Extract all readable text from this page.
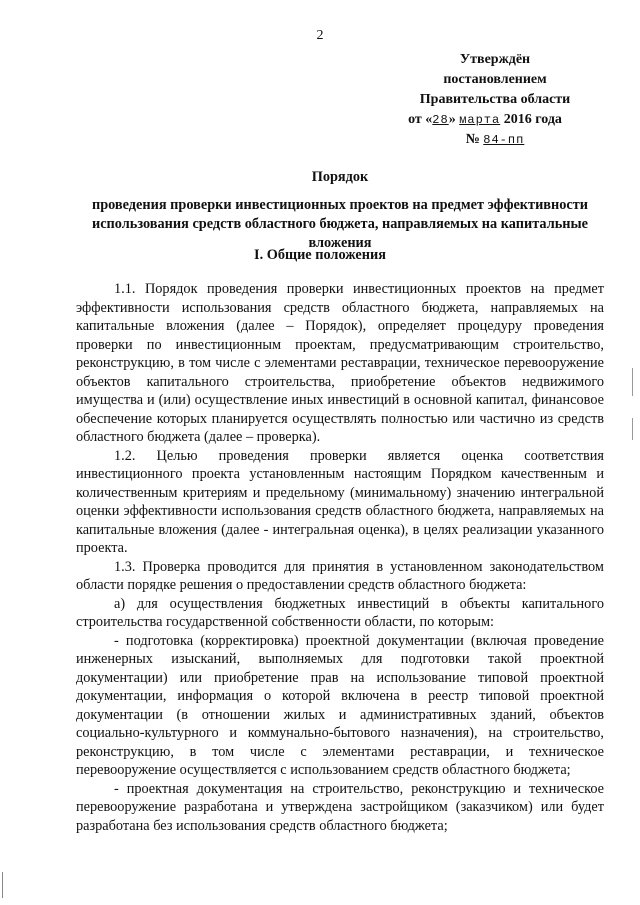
2
Утверждён
постановлением
Правительства области
от «28» марта 2016 года
№ 84-пп
Порядок
проведения проверки инвестиционных проектов на предмет эффективности использования средств областного бюджета, направляемых на капитальные вложения
I. Общие положения

1.1. Порядок проведения проверки инвестиционных проектов на предмет эффективности использования средств областного бюджета, направляемых на капитальные вложения (далее – Порядок), определяет процедуру проведения проверки по инвестиционным проектам, предусматривающим строительство, реконструкцию, в том числе с элементами реставрации, техническое перевооружение объектов капитального строительства, приобретение объектов недвижимого имущества и (или) осуществление иных инвестиций в основной капитал, финансовое обеспечение которых планируется осуществлять полностью или частично из средств областного бюджета (далее – проверка).

1.2. Целью проведения проверки является оценка соответствия инвестиционного проекта установленным настоящим Порядком качественным и количественным критериям и предельному (минимальному) значению интегральной оценки эффективности использования средств областного бюджета, направляемых на капитальные вложения (далее - интегральная оценка), в целях реализации указанного проекта.

1.3. Проверка проводится для принятия в установленном законодательством области порядке решения о предоставлении средств областного бюджета:

а) для осуществления бюджетных инвестиций в объекты капитального строительства государственной собственности области, по которым:

- подготовка (корректировка) проектной документации (включая проведение инженерных изысканий, выполняемых для подготовки такой проектной документации) или приобретение прав на использование типовой проектной документации, информация о которой включена в реестр типовой проектной документации (в отношении жилых и административных зданий, объектов социально-культурного и коммунально-бытового назначения), на строительство, реконструкцию, в том числе с элементами реставрации, и техническое перевооружение осуществляется с использованием средств областного бюджета;

- проектная документация на строительство, реконструкцию и техническое перевооружение разработана и утверждена застройщиком (заказчиком) или будет разработана без использования средств областного бюджета;
